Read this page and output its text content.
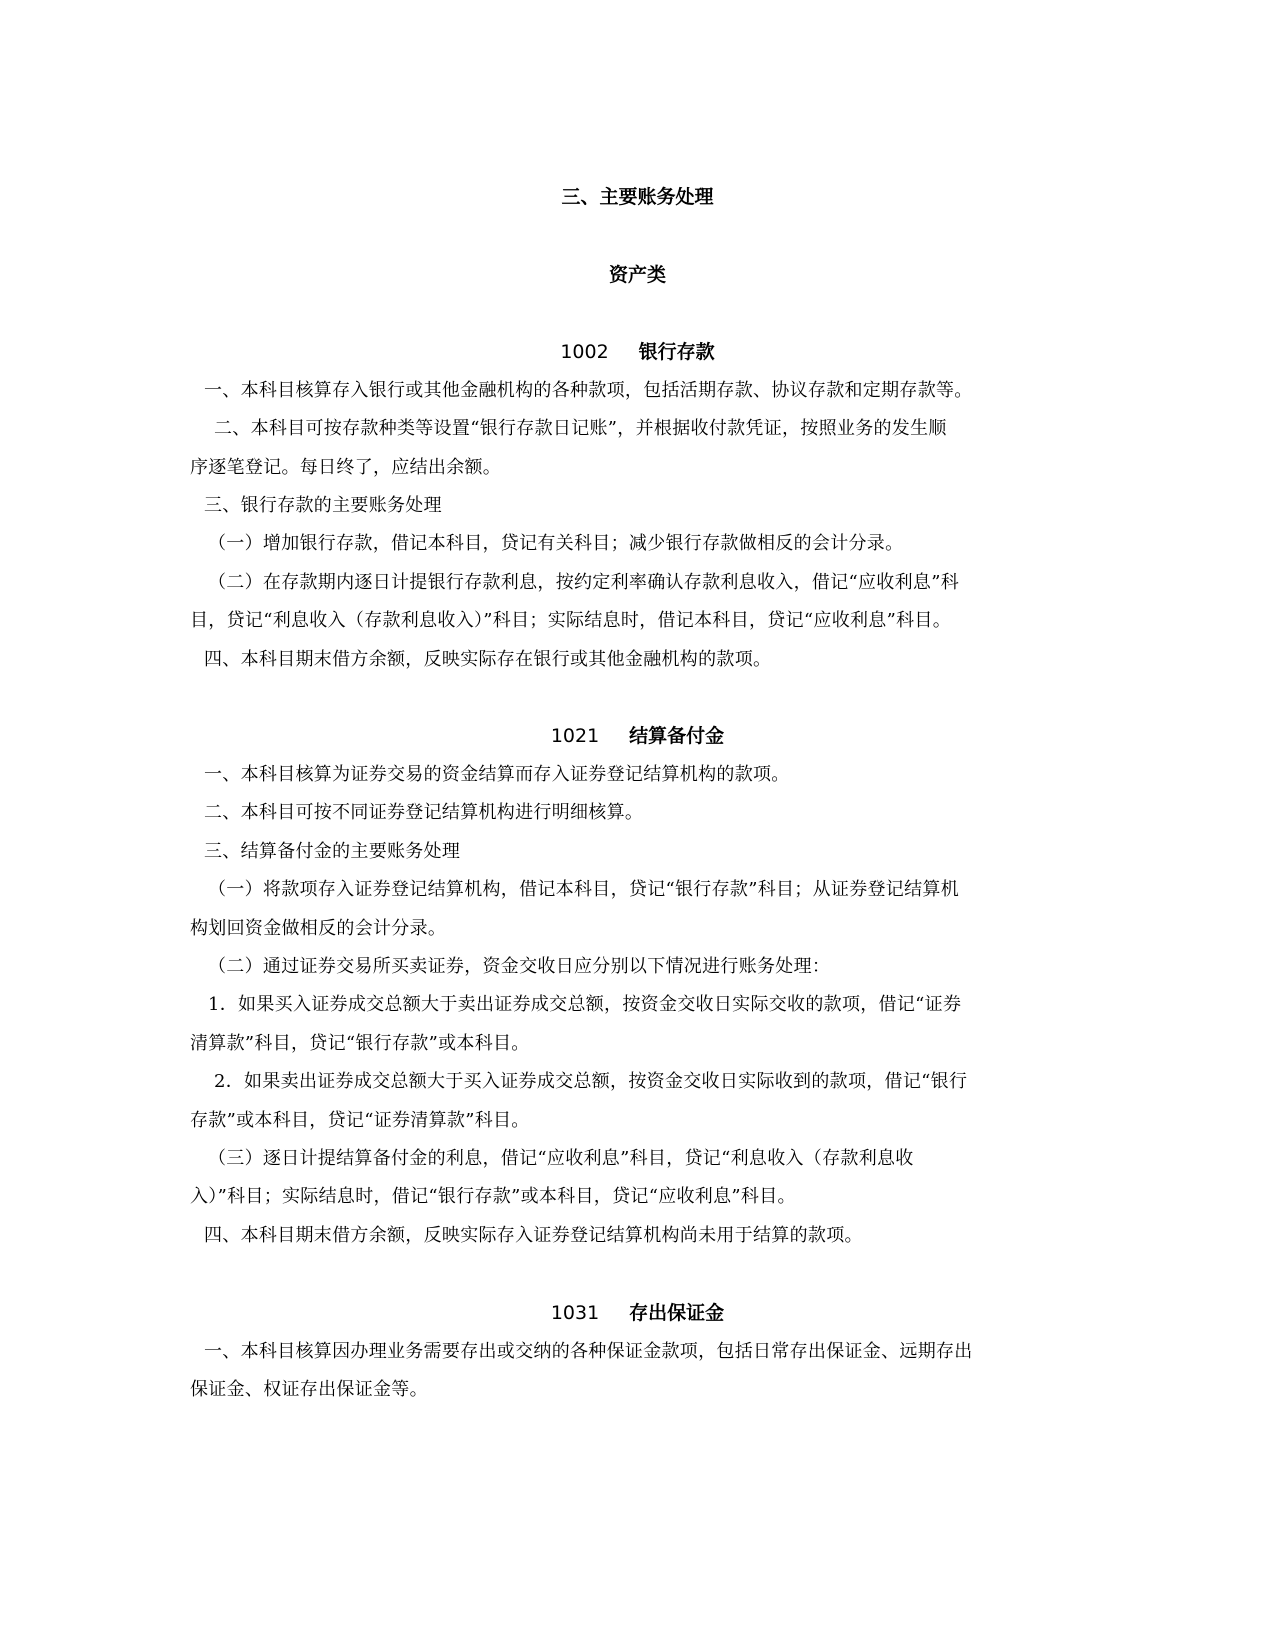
三、主要账务处理
资产类
1002 银行存款
一、本科目核算存入银行或其他金融机构的各种款项，包括活期存款、协议存款和定期存款等。
二、本科目可按存款种类等设置“银行存款日记账”，并根据收付款凭证，按照业务的发生顺
序逐笔登记。每日终了，应结出余额。
三、银行存款的主要账务处理
（一）增加银行存款，借记本科目，贷记有关科目；减少银行存款做相反的会计分录。
（二）在存款期内逐日计提银行存款利息，按约定利率确认存款利息收入，借记“应收利息”科
目，贷记“利息收入（存款利息收入）”科目；实际结息时，借记本科目，贷记“应收利息”科目。
四、本科目期末借方余额，反映实际存在银行或其他金融机构的款项。
1021 结算备付金
一、本科目核算为证券交易的资金结算而存入证券登记结算机构的款项。
二、本科目可按不同证券登记结算机构进行明细核算。
三、结算备付金的主要账务处理
（一）将款项存入证券登记结算机构，借记本科目，贷记“银行存款”科目；从证券登记结算机
构划回资金做相反的会计分录。
（二）通过证券交易所买卖证券，资金交收日应分别以下情况进行账务处理：
1．如果买入证券成交总额大于卖出证券成交总额，按资金交收日实际交收的款项，借记“证券
清算款”科目，贷记“银行存款”或本科目。
2．如果卖出证券成交总额大于买入证券成交总额，按资金交收日实际收到的款项，借记“银行
存款”或本科目，贷记“证券清算款”科目。
（三）逐日计提结算备付金的利息，借记“应收利息”科目，贷记“利息收入（存款利息收
入）”科目；实际结息时，借记“银行存款”或本科目，贷记“应收利息”科目。
四、本科目期末借方余额，反映实际存入证券登记结算机构尚未用于结算的款项。
1031 存出保证金
一、本科目核算因办理业务需要存出或交纳的各种保证金款项，包括日常存出保证金、远期存出
保证金、权证存出保证金等。
